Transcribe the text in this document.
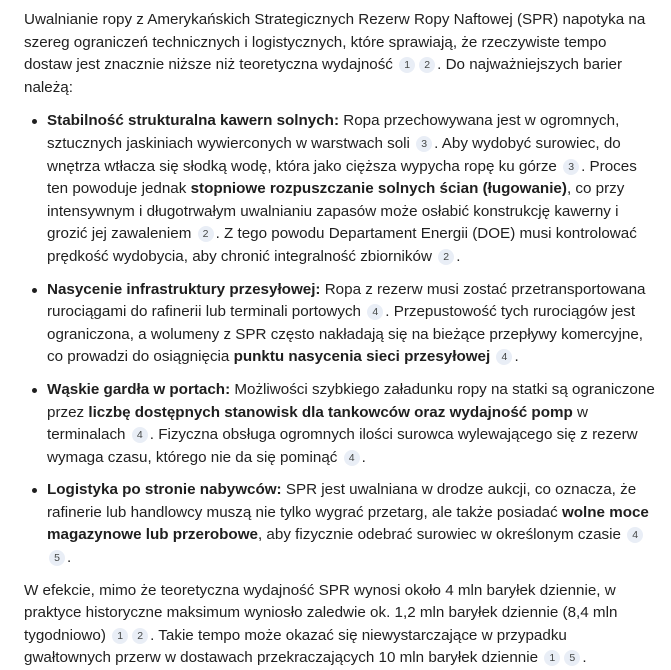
Uwalnianie ropy z Amerykańskich Strategicznych Rezerw Ropy Naftowej (SPR) napotyka na szereg ograniczeń technicznych i logistycznych, które sprawiają, że rzeczywiste tempo dostaw jest znacznie niższe niż teoretyczna wydajność 1 2 . Do najważniejszych barier należą:

Stabilność strukturalna kawern solnych: Ropa przechowywana jest w ogromnych, sztucznych jaskiniach wywierconych w warstwach soli 3 . Aby wydobyć surowiec, do wnętrza wtłacza się słodką wodę, która jako cięższa wypycha ropę ku górze 3 . Proces ten powoduje jednak stopniowe rozpuszczanie solnych ścian (ługowanie), co przy intensywnym i długotrwałym uwalnianiu zapasów może osłabić konstrukcję kawerny i grozić jej zawaleniem 2 . Z tego powodu Departament Energii (DOE) musi kontrolować prędkość wydobycia, aby chronić integralność zbiorników 2 .
Nasycenie infrastruktury przesyłowej: Ropa z rezerw musi zostać przetransportowana rurociągami do rafinerii lub terminali portowych 4 . Przepustowość tych rurociągów jest ograniczona, a wolumeny z SPR często nakładają się na bieżące przepływy komercyjne, co prowadzi do osiągnięcia punktu nasycenia sieci przesyłowej 4 .
Wąskie gardła w portach: Możliwości szybkiego załadunku ropy na statki są ograniczone przez liczbę dostępnych stanowisk dla tankowców oraz wydajność pomp w terminalach 4 . Fizyczna obsługa ogromnych ilości surowca wylewającego się z rezerw wymaga czasu, którego nie da się pominąć 4 .
Logistyka po stronie nabywców: SPR jest uwalniana w drodze aukcji, co oznacza, że rafinerie lub handlowcy muszą nie tylko wygrać przetarg, ale także posiadać wolne moce magazynowe lub przerobowe, aby fizycznie odebrać surowiec w określonym czasie 45 .

W efekcie, mimo że teoretyczna wydajność SPR wynosi około 4 mln baryłek dziennie, w praktyce historyczne maksimum wyniosło zaledwie ok. 1,2 mln baryłek dziennie (8,4 mln tygodniowo) 1 2 . Takie tempo może okazać się niewystarczające w przypadku gwałtownych przerw w dostawach przekraczających 10 mln baryłek dziennie 1 5 .
